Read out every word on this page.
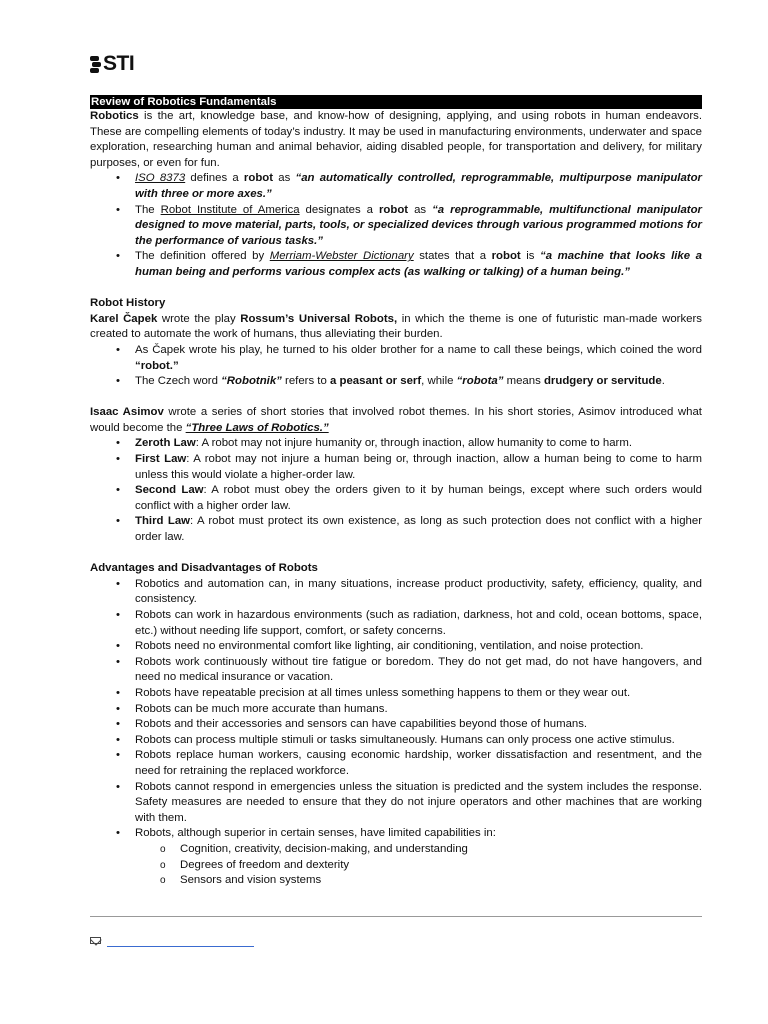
STI
Review of Robotics Fundamentals

Robotics is the art, knowledge base, and know-how of designing, applying, and using robots in human endeavors. These are compelling elements of today’s industry. It may be used in manufacturing environments, underwater and space exploration, researching human and animal behavior, aiding disabled people, for transportation and delivery, for military purposes, or even for fun.

• ISO 8373 defines a robot as “an automatically controlled, reprogrammable, multipurpose manipulator with three or more axes.”
• The Robot Institute of America designates a robot as “a reprogrammable, multifunctional manipulator designed to move material, parts, tools, or specialized devices through various programmed motions for the performance of various tasks.”
• The definition offered by Merriam-Webster Dictionary states that a robot is “a machine that looks like a human being and performs various complex acts (as walking or talking) of a human being.”
Robot History

Karel Čapek wrote the play Rossum’s Universal Robots, in which the theme is one of futuristic man-made workers created to automate the work of humans, thus alleviating their burden.

• As Čapek wrote his play, he turned to his older brother for a name to call these beings, which coined the word “robot.”
• The Czech word “Robotnik” refers to a peasant or serf, while “robota” means drudgery or servitude.

Isaac Asimov wrote a series of short stories that involved robot themes. In his short stories, Asimov introduced what would become the “Three Laws of Robotics.”

• Zeroth Law: A robot may not injure humanity or, through inaction, allow humanity to come to harm.
• First Law: A robot may not injure a human being or, through inaction, allow a human being to come to harm unless this would violate a higher-order law.
• Second Law: A robot must obey the orders given to it by human beings, except where such orders would conflict with a higher order law.
• Third Law: A robot must protect its own existence, as long as such protection does not conflict with a higher order law.
Advantages and Disadvantages of Robots
• Robotics and automation can, in many situations, increase product productivity, safety, efficiency, quality, and consistency.
• Robots can work in hazardous environments (such as radiation, darkness, hot and cold, ocean bottoms, space, etc.) without needing life support, comfort, or safety concerns.
• Robots need no environmental comfort like lighting, air conditioning, ventilation, and noise protection.
• Robots work continuously without tire fatigue or boredom. They do not get mad, do not have hangovers, and need no medical insurance or vacation.
• Robots have repeatable precision at all times unless something happens to them or they wear out.
• Robots can be much more accurate than humans.
• Robots and their accessories and sensors can have capabilities beyond those of humans.
• Robots can process multiple stimuli or tasks simultaneously. Humans can only process one active stimulus.
• Robots replace human workers, causing economic hardship, worker dissatisfaction and resentment, and the need for retraining the replaced workforce.
• Robots cannot respond in emergencies unless the situation is predicted and the system includes the response. Safety measures are needed to ensure that they do not injure operators and other machines that are working with them.
• Robots, although superior in certain senses, have limited capabilities in:
o Cognition, creativity, decision-making, and understanding
o Degrees of freedom and dexterity
o Sensors and vision systems
